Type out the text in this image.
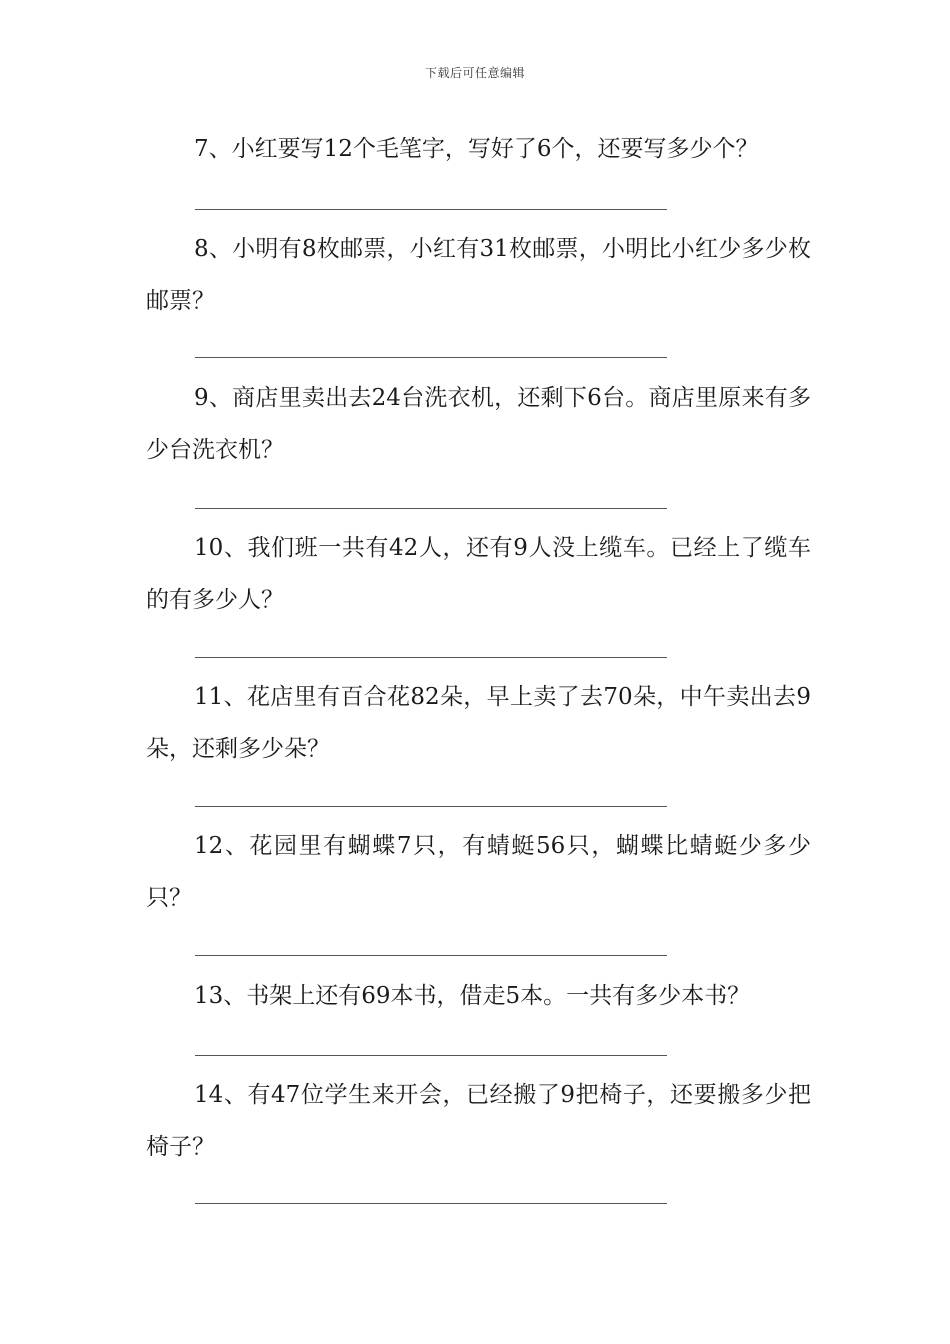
下载后可任意编辑

7、小红要写12个毛笔字，写好了6个，还要写多少个？

8、小明有8枚邮票，小红有31枚邮票，小明比小红少多少枚邮票？

9、商店里卖出去24台洗衣机，还剩下6台。商店里原来有多少台洗衣机？

10、我们班一共有42人，还有9人没上缆车。已经上了缆车的有多少人？

11、花店里有百合花82朵，早上卖了去70朵，中午卖出去9朵，还剩多少朵？

12、花园里有蝴蝶7只，有蜻蜓56只，蝴蝶比蜻蜓少多少只？

13、书架上还有69本书，借走5本。一共有多少本书？

14、有47位学生来开会，已经搬了9把椅子，还要搬多少把椅子？
